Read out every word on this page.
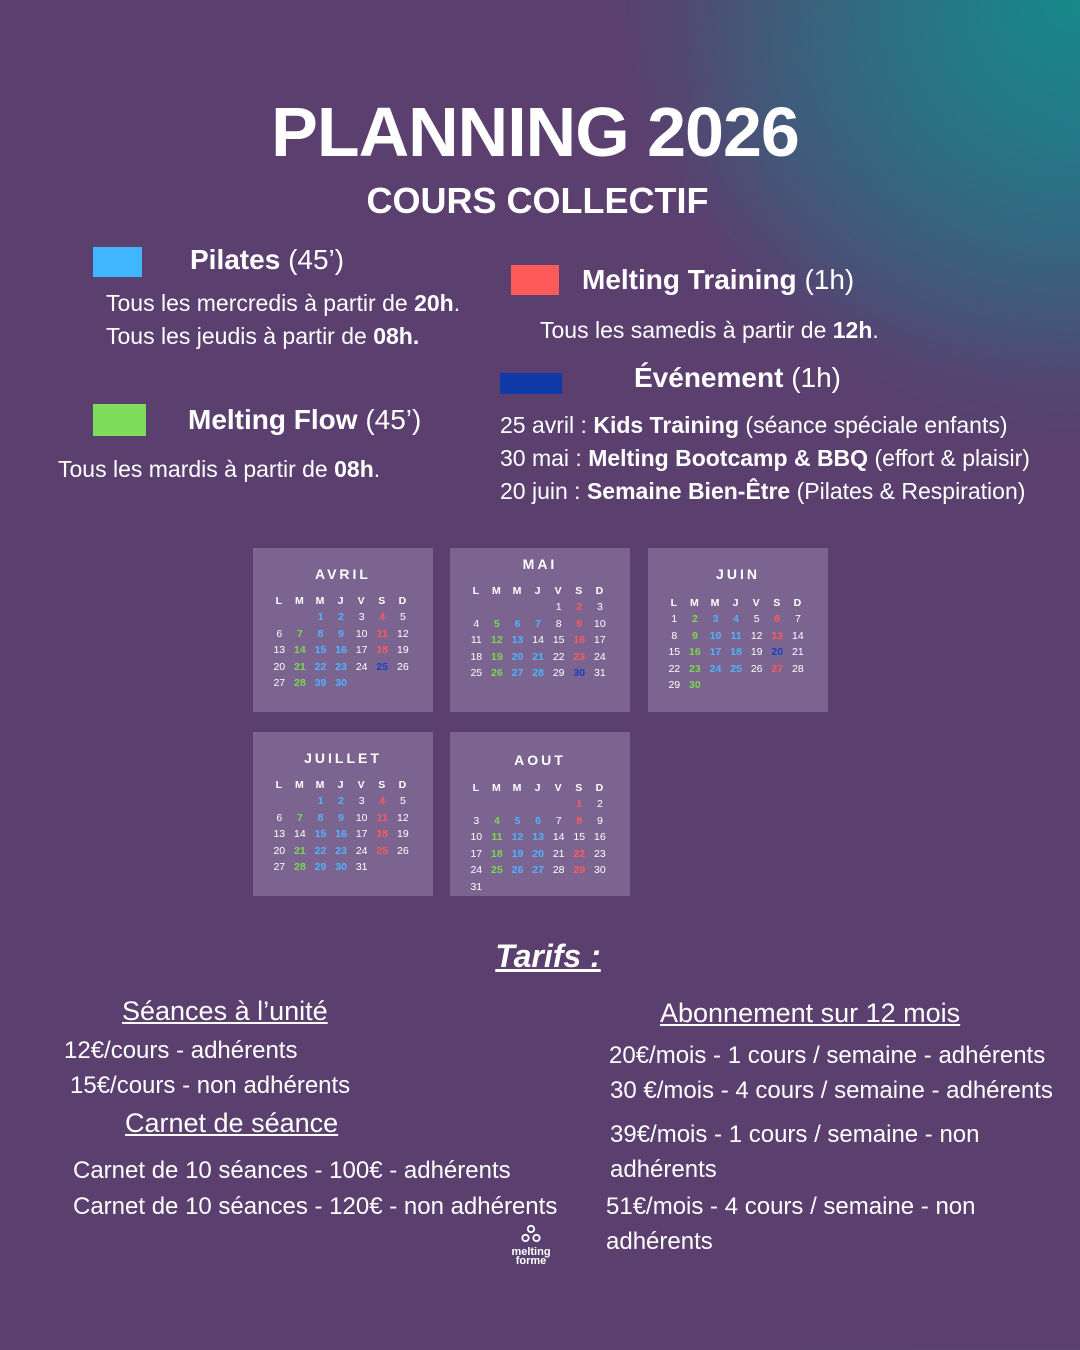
PLANNING 2026
COURS COLLECTIF
Pilates (45’)
Tous les mercredis à partir de 20h.
Tous les jeudis à partir de 08h.
Melting Flow (45’)
Tous les mardis à partir de 08h.
Melting Training (1h)
Tous les samedis à partir de 12h.
Événement (1h)
25 avril : Kids Training (séance spéciale enfants)
30 mai : Melting Bootcamp & BBQ (effort & plaisir)
20 juin : Semaine Bien-Être (Pilates & Respiration)
AVRIL
L	M	M	J	V	S	D
		1	2	3	4	5
6	7	8	9	10	11	12
13	14	15	16	17	18	19
20	21	22	23	24	25	26
27	28	39	30			
MAI
L	M	M	J	V	S	D
				1	2	3
4	5	6	7	8	9	10
11	12	13	14	15	16	17
18	19	20	21	22	23	24
25	26	27	28	29	30	31
JUIN
L	M	M	J	V	S	D
1	2	3	4	5	6	7
8	9	10	11	12	13	14
15	16	17	18	19	20	21
22	23	24	25	26	27	28
29	30					
JUILLET
L	M	M	J	V	S	D
		1	2	3	4	5
6	7	8	9	10	11	12
13	14	15	16	17	18	19
20	21	22	23	24	25	26
27	28	29	30	31		
AOUT
L	M	M	J	V	S	D
					1	2
3	4	5	6	7	8	9
10	11	12	13	14	15	16
17	18	19	20	21	22	23
24	25	26	27	28	29	30
31						
Tarifs :
Séances à l’unité
12€/cours - adhérents
15€/cours - non adhérents
Carnet de séance
Carnet de 10 séances - 100€ - adhérents
Carnet de 10 séances - 120€ - non adhérents
Abonnement sur 12 mois
20€/mois - 1 cours / semaine - adhérents
30 €/mois - 4 cours / semaine - adhérents
39€/mois - 1 cours / semaine - non
adhérents
51€/mois - 4 cours / semaine - non
adhérents
melting
forme
